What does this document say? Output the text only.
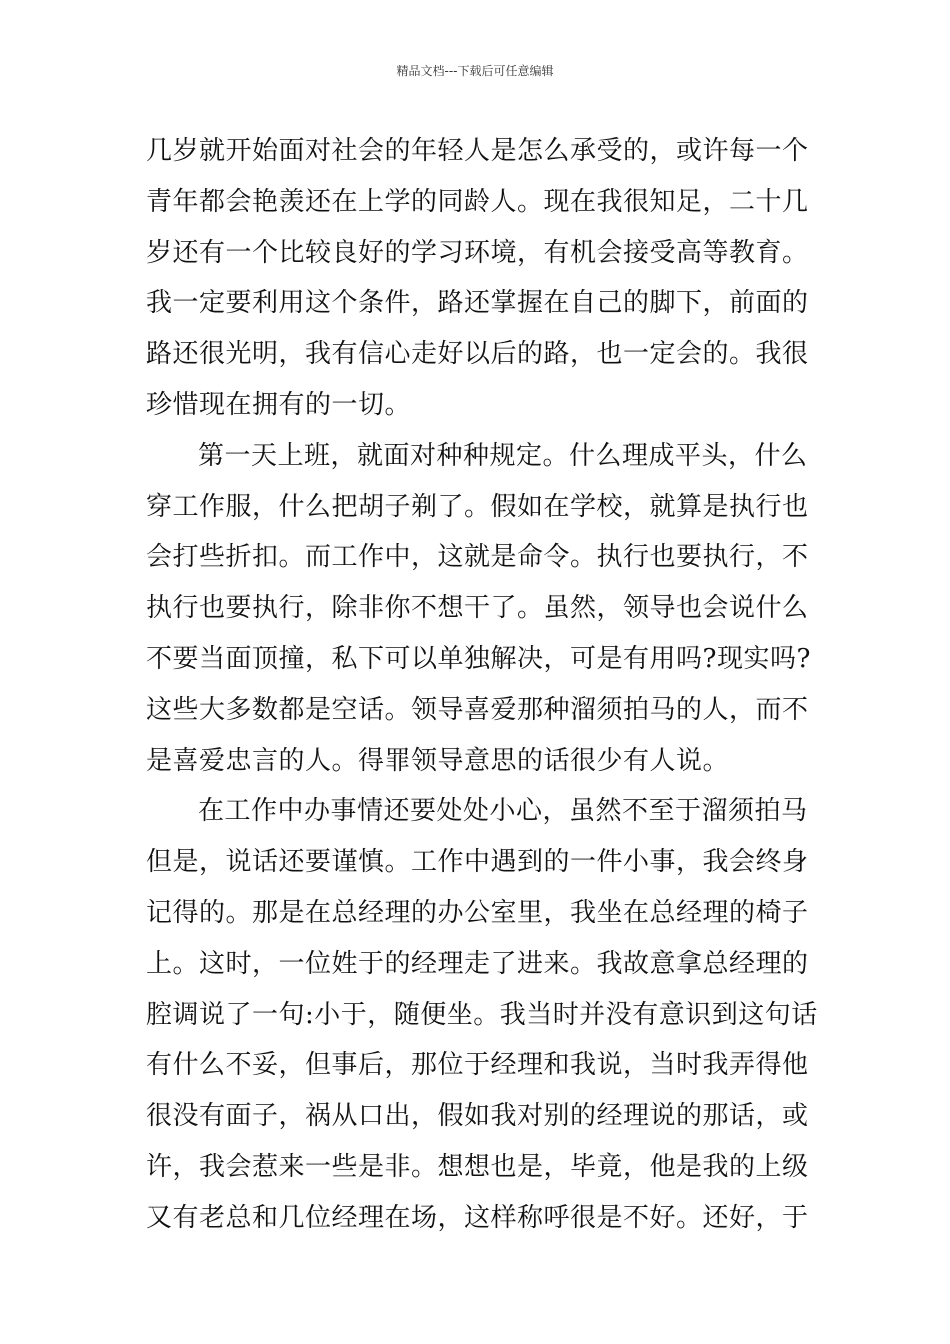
精品文档---下载后可任意编辑
几岁就开始面对社会的年轻人是怎么承受的，或许每一个
青年都会艳羡还在上学的同龄人。现在我很知足，二十几
岁还有一个比较良好的学习环境，有机会接受高等教育。
我一定要利用这个条件，路还掌握在自己的脚下，前面的
路还很光明，我有信心走好以后的路，也一定会的。我很
珍惜现在拥有的一切。
第一天上班，就面对种种规定。什么理成平头，什么
穿工作服，什么把胡子剃了。假如在学校，就算是执行也
会打些折扣。而工作中，这就是命令。执行也要执行，不
执行也要执行，除非你不想干了。虽然，领导也会说什么
不要当面顶撞，私下可以单独解决，可是有用吗?现实吗?
这些大多数都是空话。领导喜爱那种溜须拍马的人，而不
是喜爱忠言的人。得罪领导意思的话很少有人说。
在工作中办事情还要处处小心，虽然不至于溜须拍马
但是，说话还要谨慎。工作中遇到的一件小事，我会终身
记得的。那是在总经理的办公室里，我坐在总经理的椅子
上。这时，一位姓于的经理走了进来。我故意拿总经理的
腔调说了一句:小于，随便坐。我当时并没有意识到这句话
有什么不妥，但事后，那位于经理和我说，当时我弄得他
很没有面子，祸从口出，假如我对别的经理说的那话，或
许，我会惹来一些是非。想想也是，毕竟，他是我的上级
又有老总和几位经理在场，这样称呼很是不好。还好，于
